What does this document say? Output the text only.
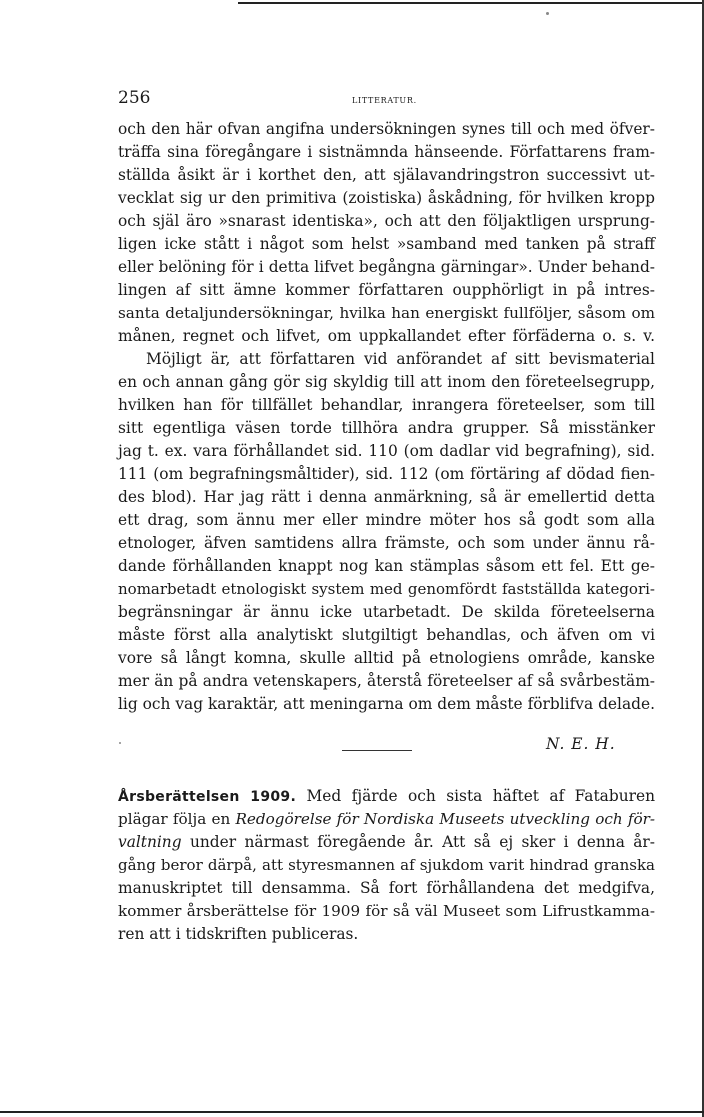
256	LITTERATUR.
och den här ofvan angifna undersökningen synes till och med öfver-
träffa sina föregångare i sistnämnda hänseende. Författarens fram-
ställda åsikt är i korthet den, att själavandringstron successivt ut-
vecklat sig ur den primitiva (zoistiska) åskådning, för hvilken kropp
och själ äro »snarast identiska», och att den följaktligen ursprung-
ligen icke stått i något som helst »samband med tanken på straff
eller belöning för i detta lifvet begångna gärningar». Under behand-
lingen af sitt ämne kommer författaren oupphörligt in på intres-
santa detaljundersökningar, hvilka han energiskt fullföljer, såsom om
månen, regnet och lifvet, om uppkallandet efter förfäderna o. s. v.
Möjligt är, att författaren vid anförandet af sitt bevismaterial
en och annan gång gör sig skyldig till att inom den företeelsegrupp,
hvilken han för tillfället behandlar, inrangera företeelser, som till
sitt egentliga väsen torde tillhöra andra grupper. Så misstänker
jag t. ex. vara förhållandet sid. 110 (om dadlar vid begrafning), sid.
111 (om begrafningsmåltider), sid. 112 (om förtäring af dödad fien-
des blod). Har jag rätt i denna anmärkning, så är emellertid detta
ett drag, som ännu mer eller mindre möter hos så godt som alla
etnologer, äfven samtidens allra främste, och som under ännu rå-
dande förhållanden knappt nog kan stämplas såsom ett fel. Ett ge-
nomarbetadt etnologiskt system med genomfördt fastställda kategori-
begränsningar är ännu icke utarbetadt. De skilda företeelserna
måste först alla analytiskt slutgiltigt behandlas, och äfven om vi
vore så långt komna, skulle alltid på etnologiens område, kanske
mer än på andra vetenskapers, återstå företeelser af så svårbestäm-
lig och vag karaktär, att meningarna om dem måste förblifva delade.
N. E. H.
Årsberättelsen 1909. Med fjärde och sista häftet af Fataburen
plägar följa en Redogörelse för Nordiska Museets utveckling och för-
valtning under närmast föregående år. Att så ej sker i denna år-
gång beror därpå, att styresmannen af sjukdom varit hindrad granska
manuskriptet till densamma. Så fort förhållandena det medgifva,
kommer årsberättelse för 1909 för så väl Museet som Lifrustkamma-
ren att i tidskriften publiceras.
